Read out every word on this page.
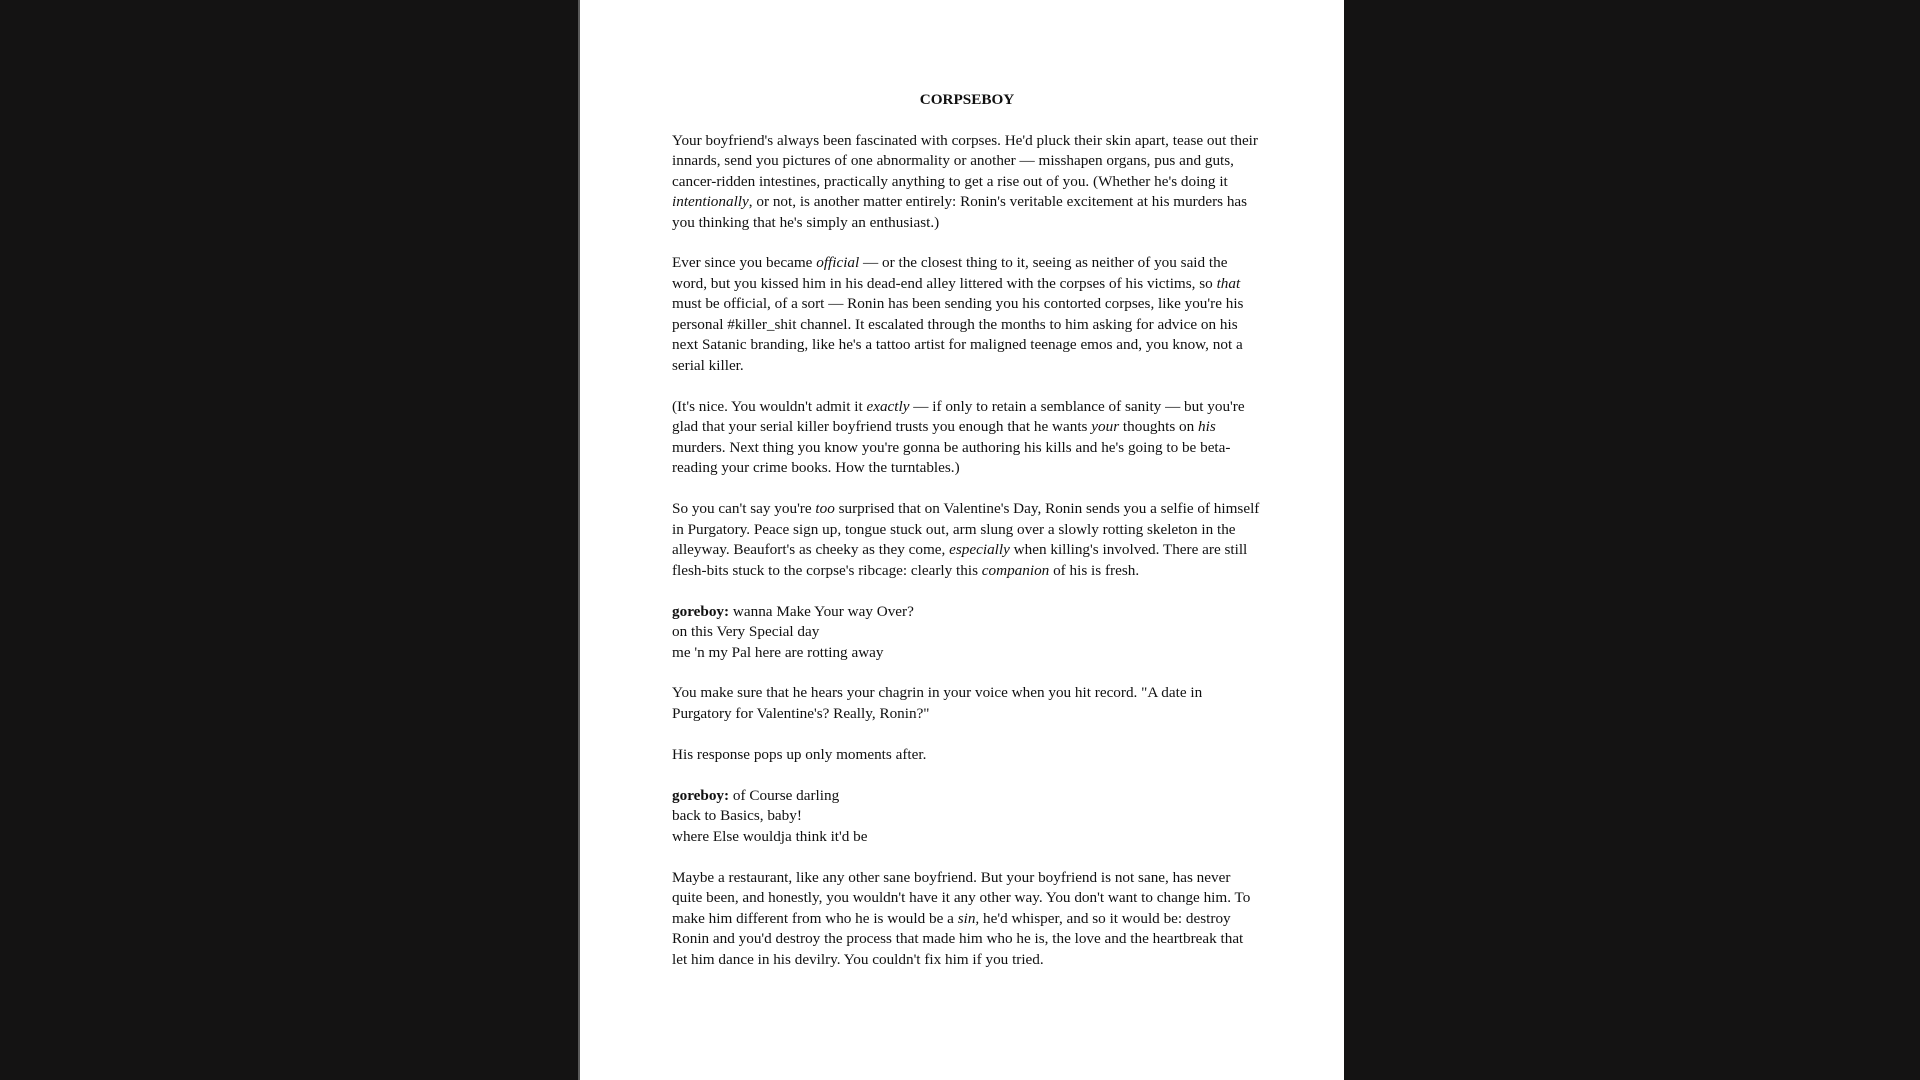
CORPSEBOY

Your boyfriend's always been fascinated with corpses. He'd pluck their skin apart, tease out their innards, send you pictures of one abnormality or another — misshapen organs, pus and guts, cancer-ridden intestines, practically anything to get a rise out of you. (Whether he's doing it intentionally, or not, is another matter entirely: Ronin's veritable excitement at his murders has you thinking that he's simply an enthusiast.)

Ever since you became official — or the closest thing to it, seeing as neither of you said the word, but you kissed him in his dead-end alley littered with the corpses of his victims, so that must be official, of a sort — Ronin has been sending you his contorted corpses, like you're his personal #killer_shit channel. It escalated through the months to him asking for advice on his next Satanic branding, like he's a tattoo artist for maligned teenage emos and, you know, not a serial killer.

(It's nice. You wouldn't admit it exactly — if only to retain a semblance of sanity — but you're glad that your serial killer boyfriend trusts you enough that he wants your thoughts on his murders. Next thing you know you're gonna be authoring his kills and he's going to be beta-reading your crime books. How the turntables.)

So you can't say you're too surprised that on Valentine's Day, Ronin sends you a selfie of himself in Purgatory. Peace sign up, tongue stuck out, arm slung over a slowly rotting skeleton in the alleyway. Beaufort's as cheeky as they come, especially when killing's involved. There are still flesh-bits stuck to the corpse's ribcage: clearly this companion of his is fresh.

goreboy: wanna Make Your way Over?
on this Very Special day
me 'n my Pal here are rotting away

You make sure that he hears your chagrin in your voice when you hit record. "A date in Purgatory for Valentine's? Really, Ronin?"

His response pops up only moments after.

goreboy: of Course darling
back to Basics, baby!
where Else wouldja think it'd be

Maybe a restaurant, like any other sane boyfriend. But your boyfriend is not sane, has never quite been, and honestly, you wouldn't have it any other way. You don't want to change him. To make him different from who he is would be a sin, he'd whisper, and so it would be: destroy Ronin and you'd destroy the process that made him who he is, the love and the heartbreak that let him dance in his devilry. You couldn't fix him if you tried.
